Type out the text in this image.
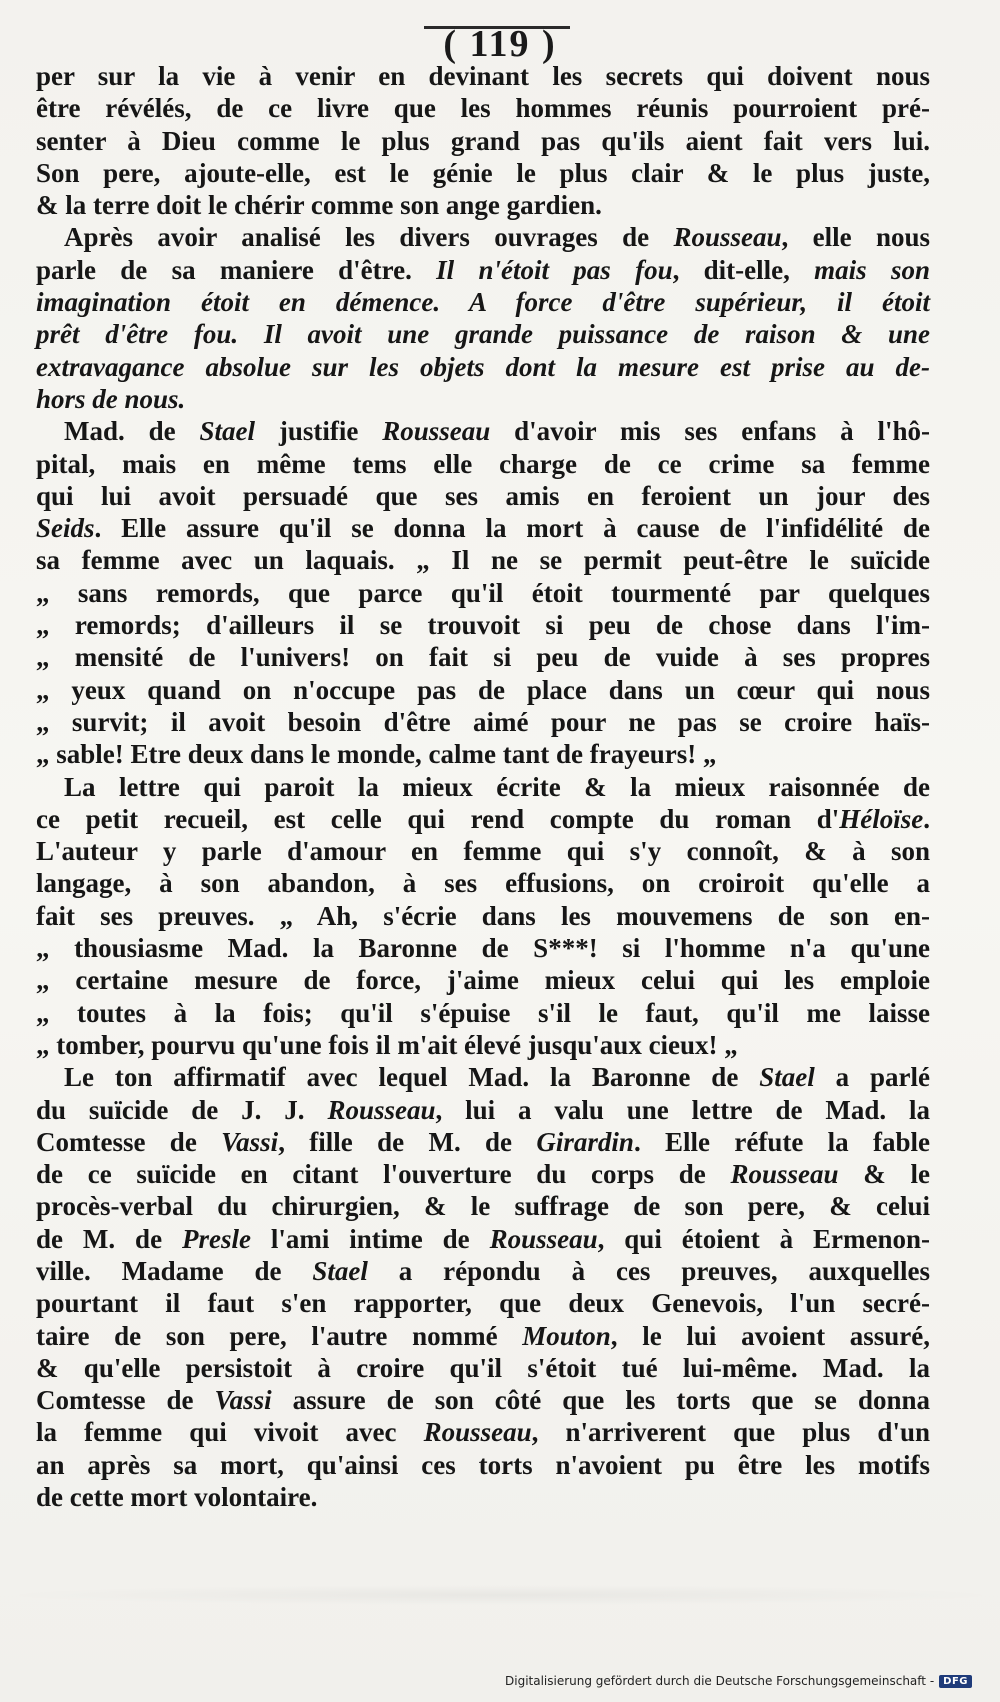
( 119 )
per sur la vie à venir en devinant les secrets qui doivent nous
être révélés, de ce livre que les hommes réunis pourroient pré-
senter à Dieu comme le plus grand pas qu'ils aient fait vers lui.
Son pere, ajoute-elle, est le génie le plus clair & le plus juste,
& la terre doit le chérir comme son ange gardien.
Après avoir analisé les divers ouvrages de Rousseau, elle nous
parle de sa maniere d'être. Il n'étoit pas fou, dit-elle, mais son
imagination étoit en démence. A force d'être supérieur, il étoit
prêt d'être fou. Il avoit une grande puissance de raison & une
extravagance absolue sur les objets dont la mesure est prise au de-
hors de nous.
Mad. de Stael justifie Rousseau d'avoir mis ses enfans à l'hô-
pital, mais en même tems elle charge de ce crime sa femme
qui lui avoit persuadé que ses amis en feroient un jour des
Seids. Elle assure qu'il se donna la mort à cause de l'infidélité de
sa femme avec un laquais. „ Il ne se permit peut-être le suïcide
„ sans remords, que parce qu'il étoit tourmenté par quelques
„ remords; d'ailleurs il se trouvoit si peu de chose dans l'im-
„ mensité de l'univers! on fait si peu de vuide à ses propres
„ yeux quand on n'occupe pas de place dans un cœur qui nous
„ survit; il avoit besoin d'être aimé pour ne pas se croire haïs-
„ sable! Etre deux dans le monde, calme tant de frayeurs! „
La lettre qui paroit la mieux écrite & la mieux raisonnée de
ce petit recueil, est celle qui rend compte du roman d'Héloïse.
L'auteur y parle d'amour en femme qui s'y connoît, & à son
langage, à son abandon, à ses effusions, on croiroit qu'elle a
fait ses preuves. „ Ah, s'écrie dans les mouvemens de son en-
„ thousiasme Mad. la Baronne de S***! si l'homme n'a qu'une
„ certaine mesure de force, j'aime mieux celui qui les emploie
„ toutes à la fois; qu'il s'épuise s'il le faut, qu'il me laisse
„ tomber, pourvu qu'une fois il m'ait élevé jusqu'aux cieux! „
Le ton affirmatif avec lequel Mad. la Baronne de Stael a parlé
du suïcide de J. J. Rousseau, lui a valu une lettre de Mad. la
Comtesse de Vassi, fille de M. de Girardin. Elle réfute la fable
de ce suïcide en citant l'ouverture du corps de Rousseau & le
procès-verbal du chirurgien, & le suffrage de son pere, & celui
de M. de Presle l'ami intime de Rousseau, qui étoient à Ermenon-
ville. Madame de Stael a répondu à ces preuves, auxquelles
pourtant il faut s'en rapporter, que deux Genevois, l'un secré-
taire de son pere, l'autre nommé Mouton, le lui avoient assuré,
& qu'elle persistoit à croire qu'il s'étoit tué lui-même. Mad. la
Comtesse de Vassi assure de son côté que les torts que se donna
la femme qui vivoit avec Rousseau, n'arriverent que plus d'un
an après sa mort, qu'ainsi ces torts n'avoient pu être les motifs
de cette mort volontaire.
Digitalisierung gefördert durch die Deutsche Forschungsgemeinschaft - DFG
